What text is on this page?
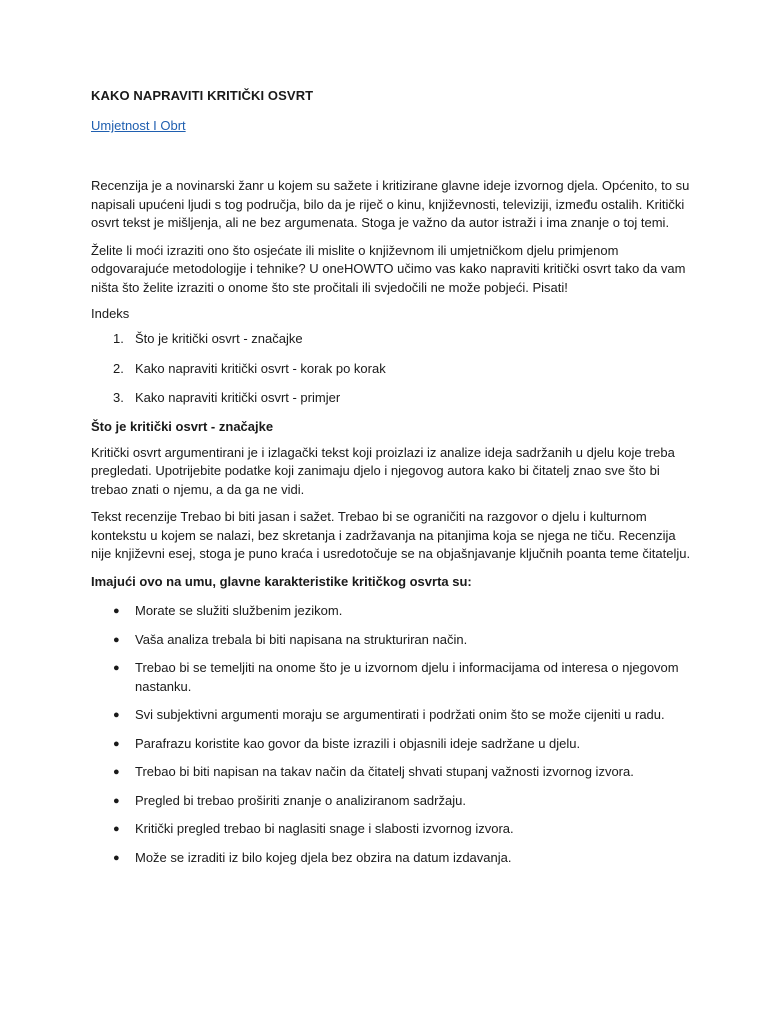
KAKO NAPRAVITI KRITIČKI OSVRT
Umjetnost I Obrt

Recenzija je a novinarski žanr u kojem su sažete i kritizirane glavne ideje izvornog djela. Općenito, to su napisali upućeni ljudi s tog područja, bilo da je riječ o kinu, književnosti, televiziji, između ostalih. Kritički osvrt tekst je mišljenja, ali ne bez argumenata. Stoga je važno da autor istraži i ima znanje o toj temi.

Želite li moći izraziti ono što osjećate ili mislite o književnom ili umjetničkom djelu primjenom odgovarajuće metodologije i tehnike? U oneHOWTO učimo vas kako napraviti kritički osvrt tako da vam ništa što želite izraziti o onome što ste pročitali ili svjedočili ne može pobjeći. Pisati!

Indeks
1. Što je kritički osvrt - značajke
2. Kako napraviti kritički osvrt - korak po korak
3. Kako napraviti kritički osvrt - primjer
Što je kritički osvrt - značajke

Kritički osvrt argumentirani je i izlagački tekst koji proizlazi iz analize ideja sadržanih u djelu koje treba pregledati. Upotrijebite podatke koji zanimaju djelo i njegovog autora kako bi čitatelj znao sve što bi trebao znati o njemu, a da ga ne vidi.

Tekst recenzije Trebao bi biti jasan i sažet. Trebao bi se ograničiti na razgovor o djelu i kulturnom kontekstu u kojem se nalazi, bez skretanja i zadržavanja na pitanjima koja se njega ne tiču. Recenzija nije književni esej, stoga je puno kraća i usredotočuje se na objašnjavanje ključnih poanta teme čitatelju.

Imajući ovo na umu, glavne karakteristike kritičkog osvrta su:

●	Morate se služiti službenim jezikom.
●	Vaša analiza trebala bi biti napisana na strukturiran način.
●	Trebao bi se temeljiti na onome što je u izvornom djelu i informacijama od interesa o njegovom nastanku.
●	Svi subjektivni argumenti moraju se argumentirati i podržati onim što se može cijeniti u radu.
●	Parafrazu koristite kao govor da biste izrazili i objasnili ideje sadržane u djelu.
●	Trebao bi biti napisan na takav način da čitatelj shvati stupanj važnosti izvornog izvora.
●	Pregled bi trebao proširiti znanje o analiziranom sadržaju.
●	Kritički pregled trebao bi naglasiti snage i slabosti izvornog izvora.
●	Može se izraditi iz bilo kojeg djela bez obzira na datum izdavanja.
